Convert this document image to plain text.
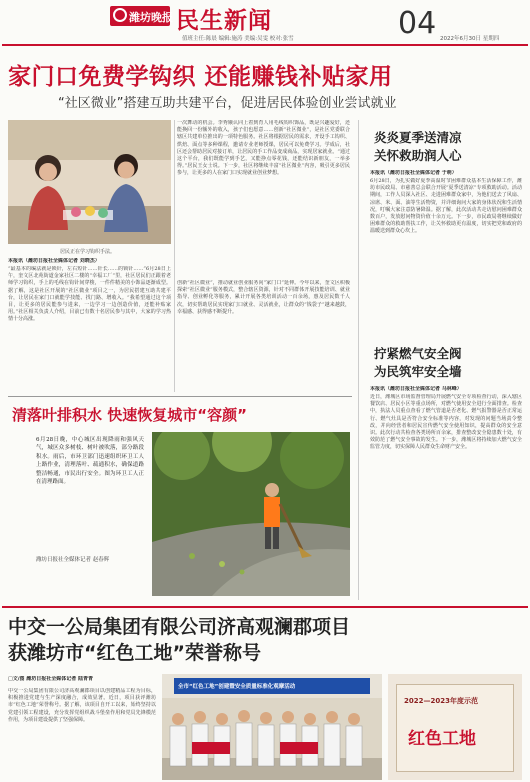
潍坊晚报 民生新闻
值班主任:陈晨 编辑:施涛 美编:吴雯 校对:张雪	04 2022年6月30日 星期四
家门口免费学钩织 还能赚钱补贴家用
“社区微业”搭建互助共建平台，促进居民体验创业尝试就业
居民正在学习钩织手法。
本报讯（潍坊日报社全媒体记者 刘晓杰）
“最基本的编法就是锁针，左右短针……针长……的锁针……”6月28日上午，奎文区北苑街道金家社区二楼的“幸福工厂”里，社区居民们正跟着老师学习钩织，手上的毛线在钩针间穿梭，一件件精美的小饰品逐渐成型。据了解，这是社区开展的“社区微业”项目之一，为居民搭建互助共建平台，让居民在家门口就能学技能、找门路、增收入。“我希望通过这个项目，让更多的居民能参与进来，一边学习一边创造价值，还能补贴家用。”社区相关负责人介绍，目前已有数十名居民参与其中，大家的学习热情十分高涨。
一次舞动的机会。李秀娥认同上着到育人用毛线钩织饰品，既是兴趣爱好，还能换回一份额外的收入，孩子们也愿意……创新“社区微业”，是社区党委联合辖区共建单位推出的一项特色服务。社区将根据居民的需求，开设手工钩织、烘焙、面点等多种课程，邀请专业老师授课，居民可以免费学习。学成后，社区还会帮助居民对接订单，让居民的手工作品变成商品，实现居家就业。“通过这个平台，我们既能学到手艺，又能挣点零花钱，还能结识新朋友，一举多得。”居民王女士说。下一步，社区将继续丰富“社区微业”内容，吸引更多居民参与，让更多的人在家门口实现就业创业梦想。
创新“社区微业”，推动就业创业服务向“家门口”延伸。今年以来，奎文区积极探索“社区微业”服务模式，整合辖区资源，针对不同群体开展技能培训、就业指导、创业孵化等服务，累计开展各类培训活动一百余场，惠及居民数千人次，切实帮助居民实现家门口就业、灵活就业，让群众的“钱袋子”越来越鼓，幸福感、获得感不断提升。
炎炎夏季送清凉
关怀救助润人心
本报讯（潍坊日报社全媒体记者 于萌）
6月28日，为扎实做好夏季高温时节困难群众基本生活保障工作，潍坊市民政局、市慈善总会联合开展“夏季送清凉”专项救助活动。活动期间，工作人员深入社区、走进困难群众家中，为他们送去了风扇、凉席、米、面、油等生活物资，并详细询问大家的身体状况和生活情况，叮嘱大家注意防暑降温。据了解，此次活动共走访慰问困难群众数百户，发放慰问物资价值十余万元。下一步，市民政局将继续做好困难群众的救助帮扶工作，让关怀救助更有温度，切实把党和政府的温暖送到群众心坎上。
拧紧燃气安全阀
为民筑牢安全墙
本报讯（潍坊日报社全媒体记者 马林峰）
近日，潍城区市场监督管理局开展燃气安全专项检查行动，深入辖区餐饮店、居民小区等重点场所，对燃气使用安全进行全面排查。检查中，执法人员重点查看了燃气管道是否老化、燃气报警器是否正常运行、燃气灶具是否符合安全标准等内容，对发现的问题当场责令整改，并向经营者和居民宣传燃气安全使用知识，提高群众的安全意识。此次行动共检查各类场所百余家，排查整改安全隐患数十处，有效防范了燃气安全事故的发生。下一步，潍城区将持续加大燃气安全监管力度，切实保障人民群众生命财产安全。
清落叶排积水 快速恢复城市“容颜”
6月28日晚，中心城区出现降雨和强风天气，城区众多树枝、树叶被吹落，部分路段积水。雨后，市环卫部门迅速组织环卫工人上路作业，清理落叶、疏通积水，确保道路整洁畅通，市民出行安全。图为环卫工人正在清理路面。
潍坊日报社全媒体记者 赵春辉
中交一公局集团有限公司济高观澜郡项目
获潍坊市“红色工地”荣誉称号
□文/图 潍坊日报社全媒体记者 陆青青
中交一公局集团有限公司济高观澜郡项目以创建精品工程为目标，积极推进党建与生产深度融合，成效显著。近日，项目获评潍坊市“红色工地”荣誉称号。据了解，该项目自开工以来，始终坚持以党建引领工程建设，充分发挥党组织战斗堡垒作用和党员先锋模范作用，为项目建设提供了坚强保障。
全市“红色工地”创建暨安全质量标准化观摩活动
2022—2023年度示范
红色工地
